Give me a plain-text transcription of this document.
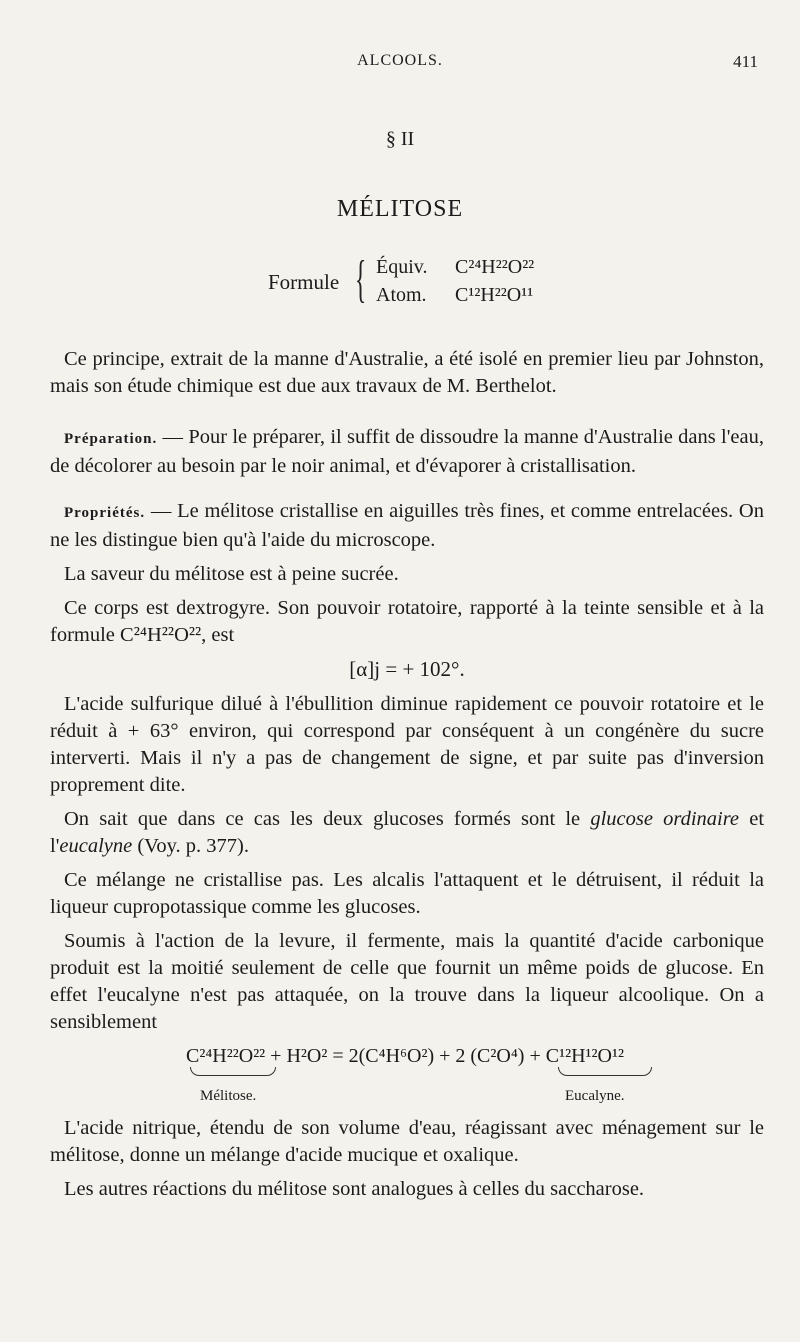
ALCOOLS.	411
§ II
MÉLITOSE
Formule { Équiv. C²⁴H²²O²²
Atom. C¹²H²²O¹¹

Ce principe, extrait de la manne d'Australie, a été isolé en premier lieu par Johnston, mais son étude chimique est due aux travaux de M. Berthelot.

Préparation. — Pour le préparer, il suffit de dissoudre la manne d'Australie dans l'eau, de décolorer au besoin par le noir animal, et d'évaporer à cristallisation.

Propriétés. — Le mélitose cristallise en aiguilles très fines, et comme entrelacées. On ne les distingue bien qu'à l'aide du microscope.

La saveur du mélitose est à peine sucrée.

Ce corps est dextrogyre. Son pouvoir rotatoire, rapporté à la teinte sensible et à la formule C²⁴H²²O²², est

[α]j = + 102°.

L'acide sulfurique dilué à l'ébullition diminue rapidement ce pouvoir rotatoire et le réduit à + 63° environ, qui correspond par conséquent à un congénère du sucre interverti. Mais il n'y a pas de changement de signe, et par suite pas d'inversion proprement dite.

On sait que dans ce cas les deux glucoses formés sont le glucose ordinaire et l'eucalyne (Voy. p. 377).

Ce mélange ne cristallise pas. Les alcalis l'attaquent et le détruisent, il réduit la liqueur cupropotassique comme les glucoses.

Soumis à l'action de la levure, il fermente, mais la quantité d'acide carbonique produit est la moitié seulement de celle que fournit un même poids de glucose. En effet l'eucalyne n'est pas attaquée, on la trouve dans la liqueur alcoolique. On a sensiblement

C²⁴H²²O²² + H²O² = 2(C⁴H⁶O²) + 2 (C²O⁴) + C¹²H¹²O¹²
Mélitose.	Eucalyne.

L'acide nitrique, étendu de son volume d'eau, réagissant avec ménagement sur le mélitose, donne un mélange d'acide mucique et oxalique.

Les autres réactions du mélitose sont analogues à celles du saccharose.
